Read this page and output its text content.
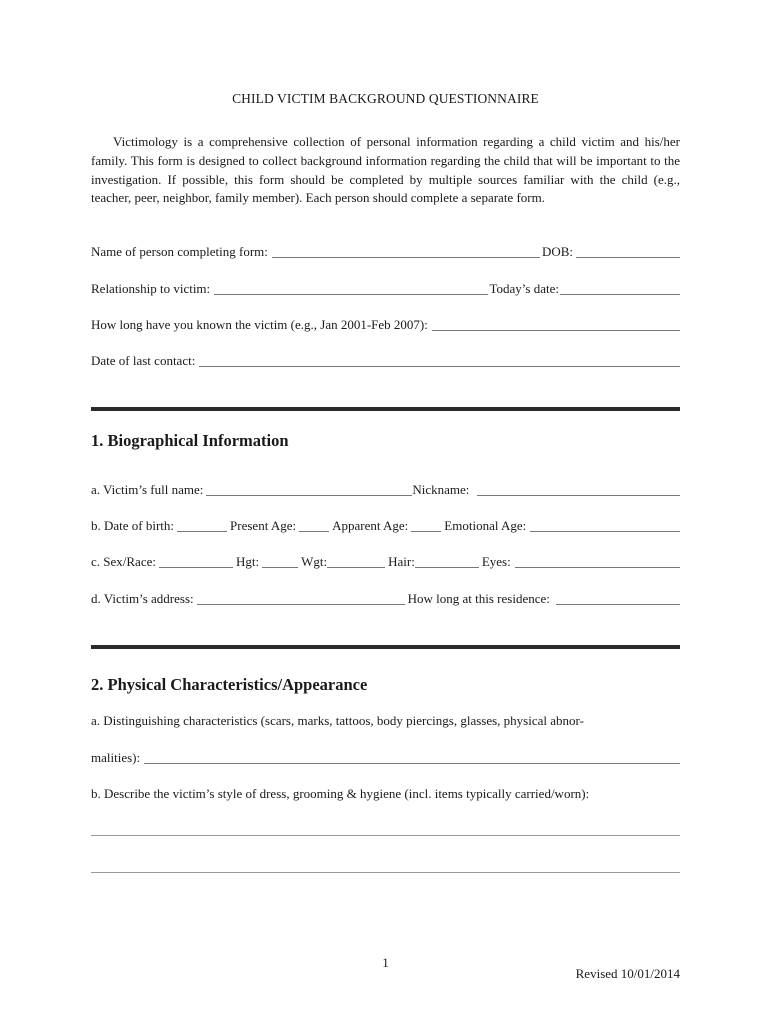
CHILD VICTIM BACKGROUND QUESTIONNAIRE
Victimology is a comprehensive collection of personal information regarding a child victim and his/her family. This form is designed to collect background information regarding the child that will be important to the investigation. If possible, this form should be completed by multiple sources familiar with the child (e.g., teacher, peer, neighbor, family member). Each person should complete a separate form.
Name of person completing form:	DOB:
Relationship to victim:	Today’s date:
How long have you known the victim (e.g., Jan 2001-Feb 2007):
Date of last contact:
1. Biographical Information
a. Victim’s full name:	Nickname:
b. Date of birth:	Present Age:	Apparent Age:	Emotional Age:
c. Sex/Race:	Hgt:	Wgt:	Hair:	Eyes:
d. Victim’s address:	How long at this residence:
2. Physical Characteristics/Appearance
a. Distinguishing characteristics (scars, marks, tattoos, body piercings, glasses, physical abnor-
malities):
b. Describe the victim’s style of dress, grooming & hygiene (incl. items typically carried/worn):
1
Revised 10/01/2014
